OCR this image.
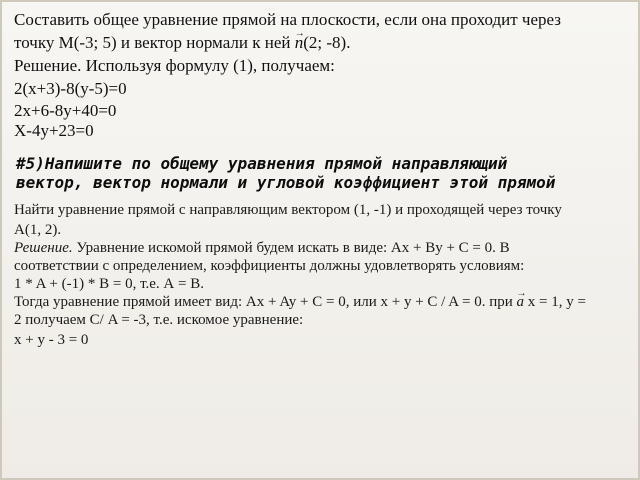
Составить общее уравнение прямой на плоскости, если она проходит через
точку М(-3; 5) и вектор нормали к ней → n(2; -8).
Решение. Используя формулу (1), получаем:
2(х+3)-8(у-5)=0
2х+6-8у+40=0
Х-4у+23=0
#5)Напишите по общему уравнения прямой направляющий вектор, вектор нормали и угловой коэффициент этой прямой
Найти уравнение прямой с направляющим вектором (1, -1) и проходящей через точку
А(1, 2).
Решение. Уравнение искомой прямой будем искать в виде: Ax + By + C = 0. В
соответствии с определением, коэффициенты должны удовлетворять условиям:
1 * A + (-1) * B = 0, т.е. А = В.
Тогда уравнение прямой имеет вид: Ax + Ay + C = 0, или x + y + C / A = 0. при → a х = 1, у =
2 получаем С/ A = -3, т.е. искомое уравнение:
х + у - 3 = 0
